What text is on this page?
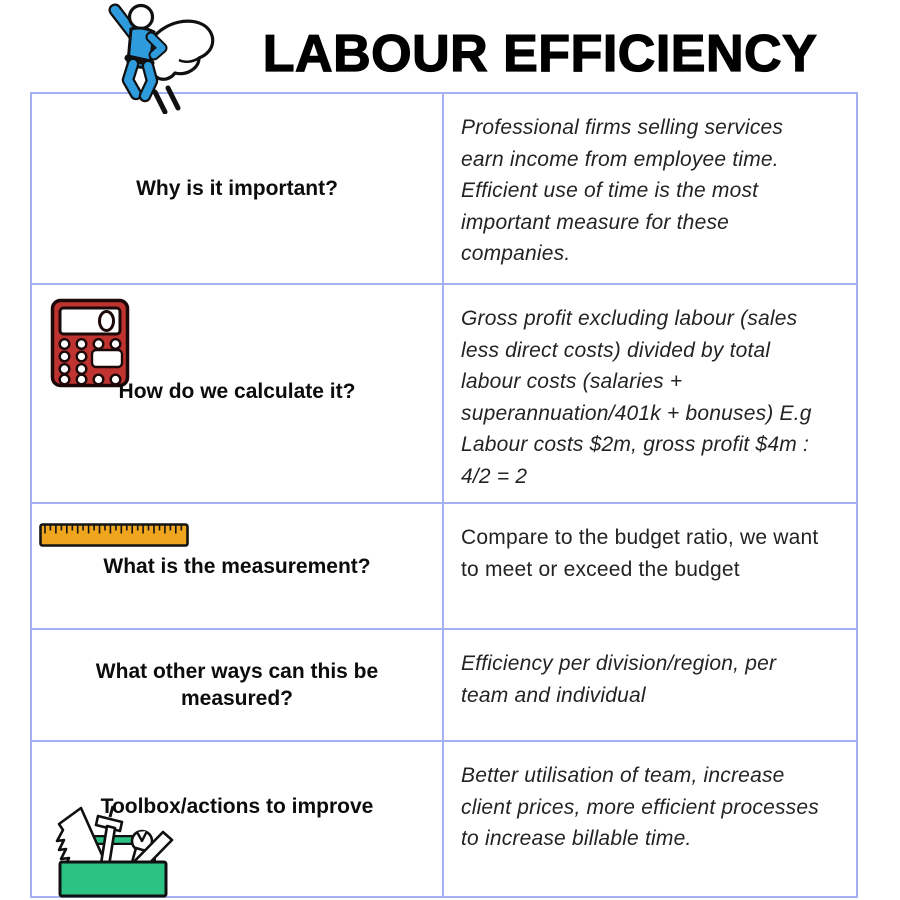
LABOUR EFFICIENCY
Why is it important?
Professional firms selling services earn income from employee time. Efficient use of time is the most important measure for these companies.
How do we calculate it?
Gross profit excluding labour (sales less direct costs) divided by total labour costs (salaries + superannuation/401k + bonuses) E.g Labour costs $2m, gross profit $4m : 4/2 = 2
What is the measurement?
Compare to the budget ratio, we want to meet or exceed the budget
What other ways can this be measured?
Efficiency per division/region, per team and individual
Toolbox/actions to improve
Better utilisation of team, increase client prices, more efficient processes to increase billable time.
